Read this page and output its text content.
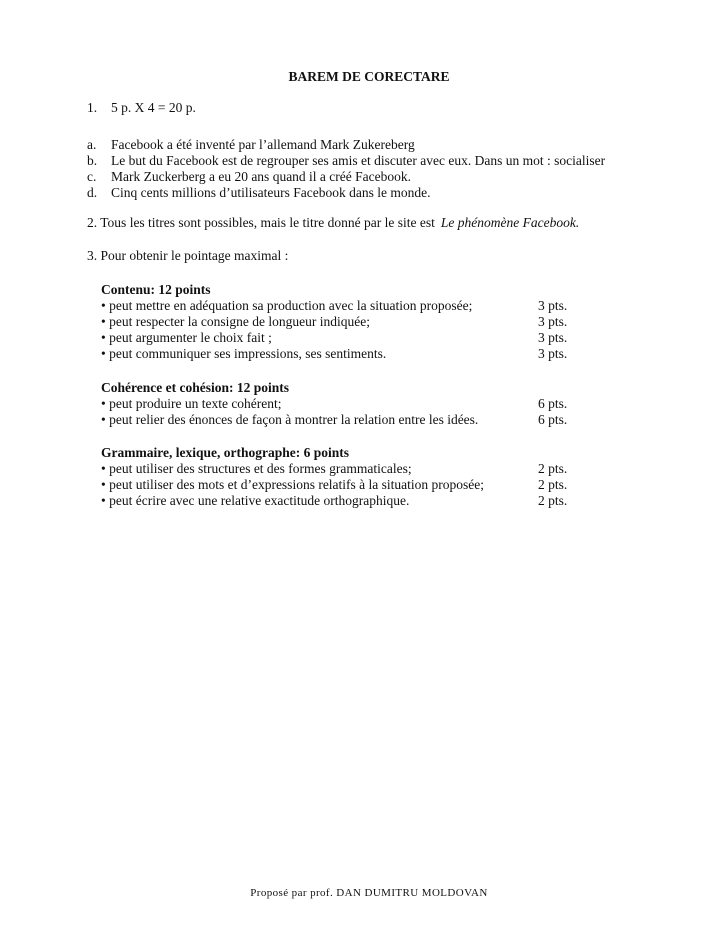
BAREM DE CORECTARE
1. 5 p. X 4 = 20 p.
a.	Facebook a été inventé par l’allemand Mark Zukereberg
b.	Le but du Facebook est de regrouper ses amis et discuter avec eux. Dans un mot : socialiser
c.	Mark Zuckerberg a eu 20 ans quand il a créé Facebook.
d.	Cinq cents millions d’utilisateurs Facebook dans le monde.
2. Tous les titres sont possibles, mais le titre donné par le site est Le phénomène Facebook.
3. Pour obtenir le pointage maximal :
Contenu: 12 points
• peut mettre en adéquation sa production avec la situation proposée;	3 pts.
• peut respecter la consigne de longueur indiquée;	3 pts.
• peut argumenter le choix fait ;	3 pts.
• peut communiquer ses impressions, ses sentiments.	3 pts.
Cohérence et cohésion: 12 points
• peut produire un texte cohérent;	6 pts.
• peut relier des énonces de façon à montrer la relation entre les idées.	6 pts.
Grammaire, lexique, orthographe: 6 points
• peut utiliser des structures et des formes grammaticales;	2 pts.
• peut utiliser des mots et d’expressions relatifs à la situation proposée;	2 pts.
• peut écrire avec une relative exactitude orthographique.	2 pts.
Proposé par prof. DAN DUMITRU MOLDOVAN
